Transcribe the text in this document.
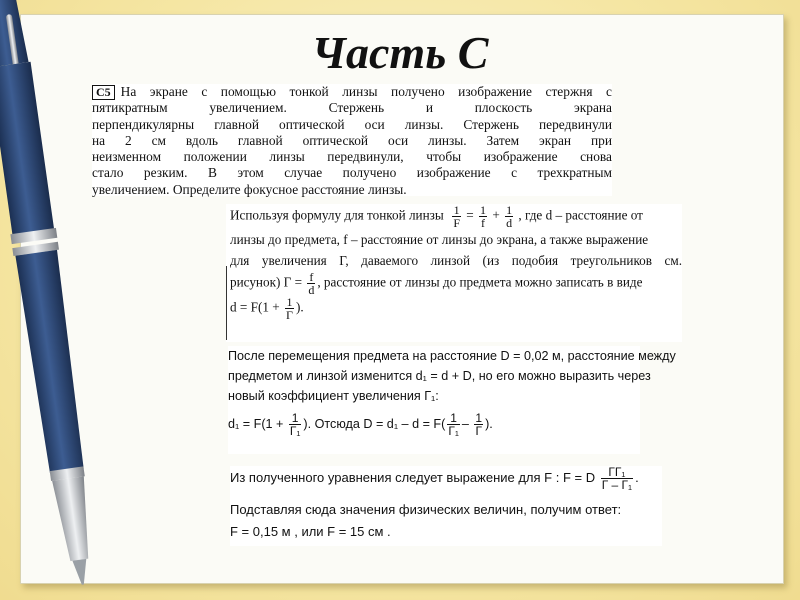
Часть С
C5 На экране с помощью тонкой линзы получено изображение стержня с
пятикратным увеличением. Стержень и плоскость экрана
перпендикулярны главной оптической оси линзы. Стержень передвинули
на 2 см вдоль главной оптической оси линзы. Затем экран при
неизменном положении линзы передвинули, чтобы изображение снова
стало резким. В этом случае получено изображение с трехкратным
увеличением. Определите фокусное расстояние линзы.
Используя формулу для тонкой линзы $\frac{1}{F} = \frac{1}{f} + \frac{1}{d}$ , где d – расстояние от
линзы до предмета, f – расстояние от линзы до экрана, а также выражение
для увеличения Г, даваемого линзой (из подобия треугольников см.
рисунок) $Г = \frac{f}{d}$ , расстояние от линзы до предмета можно записать в виде
$d = F(1 + \frac{1}{Г}$ ).
После перемещения предмета на расстояние D = 0,02 м, расстояние между
предметом и линзой изменится d₁ = d + D, но его можно выразить через
новый коэффициент увеличения Г₁:
$d_1 = F(1 + \frac{1}{\text{Г₁}}$ ). Отсюда $D = d_1 - d = F( \frac{1}{\text{Г₁}} - \frac{1}{Г}$ ).
Из полученного уравнения следует выражение для F : F = D $\frac{\text{ГГ₁}}{\text{Г – Г₁}}$ .
Подставляя сюда значения физических величин, получим ответ:
F = 0,15 м , или F = 15 см .
